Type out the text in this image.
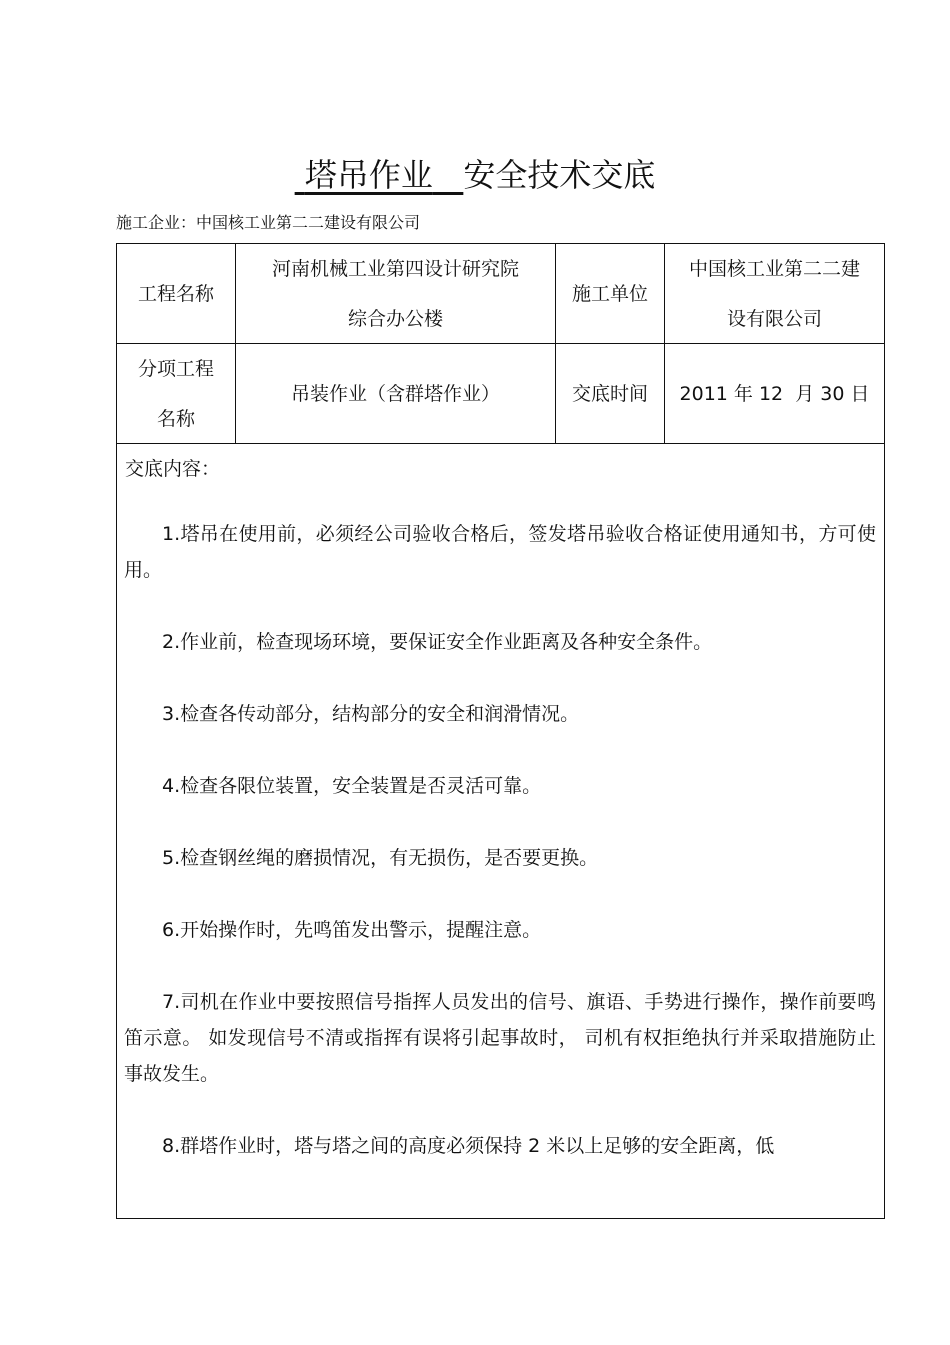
塔吊作业 安全技术交底
施工企业：中国核工业第二二建设有限公司
工程名称
河南机械工业第四设计研究院
综合办公楼
施工单位
中国核工业第二二建
设有限公司
分项工程
名称
吊装作业（含群塔作业）	交底时间 2011 年 12  月 30 日
交底内容：
1.塔吊在使用前，必须经公司验收合格后，签发塔吊验收合格证使用通知书，方可使用。
2.作业前，检查现场环境，要保证安全作业距离及各种安全条件。
3.检查各传动部分，结构部分的安全和润滑情况。
4.检查各限位装置，安全装置是否灵活可靠。
5.检查钢丝绳的磨损情况，有无损伤，是否要更换。
6.开始操作时，先鸣笛发出警示，提醒注意。
7.司机在作业中要按照信号指挥人员发出的信号、旗语、手势进行操作，操作前要鸣笛示意。 如发现信号不清或指挥有误将引起事故时， 司机有权拒绝执行并采取措施防止事故发生。
8.群塔作业时，塔与塔之间的高度必须保持 2 米以上足够的安全距离，低
